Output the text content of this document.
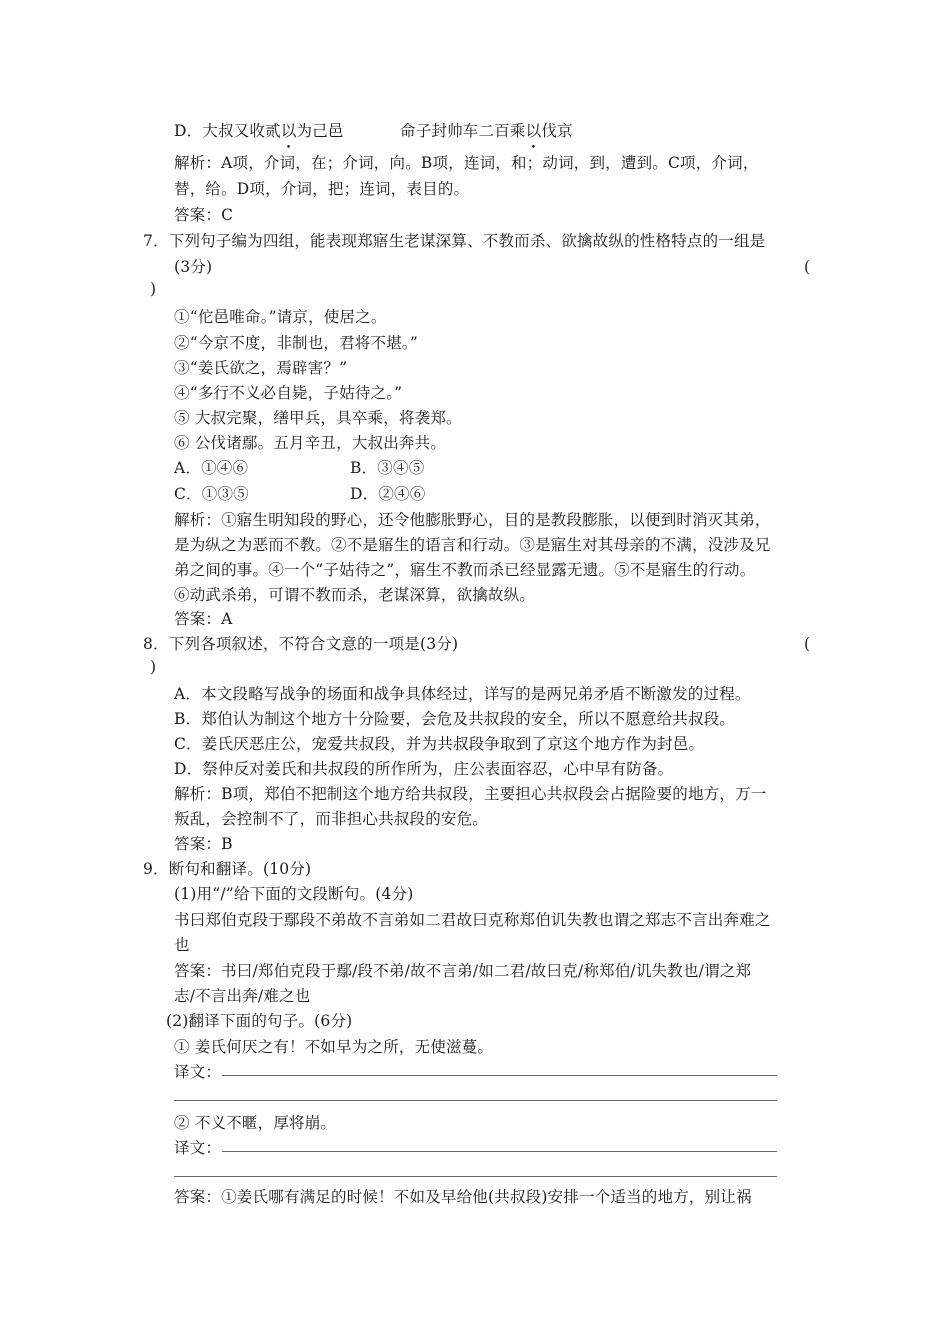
D．大叔又收贰以为己邑	命子封帅车二百乘以伐京
解析：A项，介词，在；介词，向。B项，连词，和；动词，到，遭到。C项，介词，
替，给。D项，介词，把；连词，表目的。
答案：C
7．下列句子编为四组，能表现郑寤生老谋深算、不教而杀、欲擒故纵的性格特点的一组是
(3分)	(
)
①“佗邑唯命。”请京，使居之。
②“今京不度，非制也，君将不堪。”
③“姜氏欲之，焉辟害？”
④“多行不义必自毙，子姑待之。”
⑤ 大叔完聚，缮甲兵，具卒乘，将袭郑。
⑥ 公伐诸鄢。五月辛丑，大叔出奔共。
A．①④⑥	B．③④⑤
C．①③⑤	D．②④⑥
解析：①寤生明知段的野心，还令他膨胀野心，目的是教段膨胀，以便到时消灭其弟，
是为纵之为恶而不教。②不是寤生的语言和行动。③是寤生对其母亲的不满，没涉及兄
弟之间的事。④一个“子姑待之”，寤生不教而杀已经显露无遗。⑤不是寤生的行动。
⑥动武杀弟，可谓不教而杀，老谋深算，欲擒故纵。
答案：A
8．下列各项叙述，不符合文意的一项是(3分)	(
)
A．本文段略写战争的场面和战争具体经过，详写的是两兄弟矛盾不断激发的过程。
B．郑伯认为制这个地方十分险要，会危及共叔段的安全，所以不愿意给共叔段。
C．姜氏厌恶庄公，宠爱共叔段，并为共叔段争取到了京这个地方作为封邑。
D．祭仲反对姜氏和共叔段的所作所为，庄公表面容忍，心中早有防备。
解析：B项，郑伯不把制这个地方给共叔段，主要担心共叔段会占据险要的地方，万一
叛乱，会控制不了，而非担心共叔段的安危。
答案：B
9．断句和翻译。(10分)
(1)用“/”给下面的文段断句。(4分)
书曰郑伯克段于鄢段不弟故不言弟如二君故曰克称郑伯讥失教也谓之郑志不言出奔难之
也
答案：书曰/郑伯克段于鄢/段不弟/故不言弟/如二君/故曰克/称郑伯/讥失教也/谓之郑
志/不言出奔/难之也
(2)翻译下面的句子。(6分)
① 姜氏何厌之有！不如早为之所，无使滋蔓。
译文：
② 不义不暱，厚将崩。
译文：
答案：①姜氏哪有满足的时候！不如及早给他(共叔段)安排一个适当的地方，别让祸
